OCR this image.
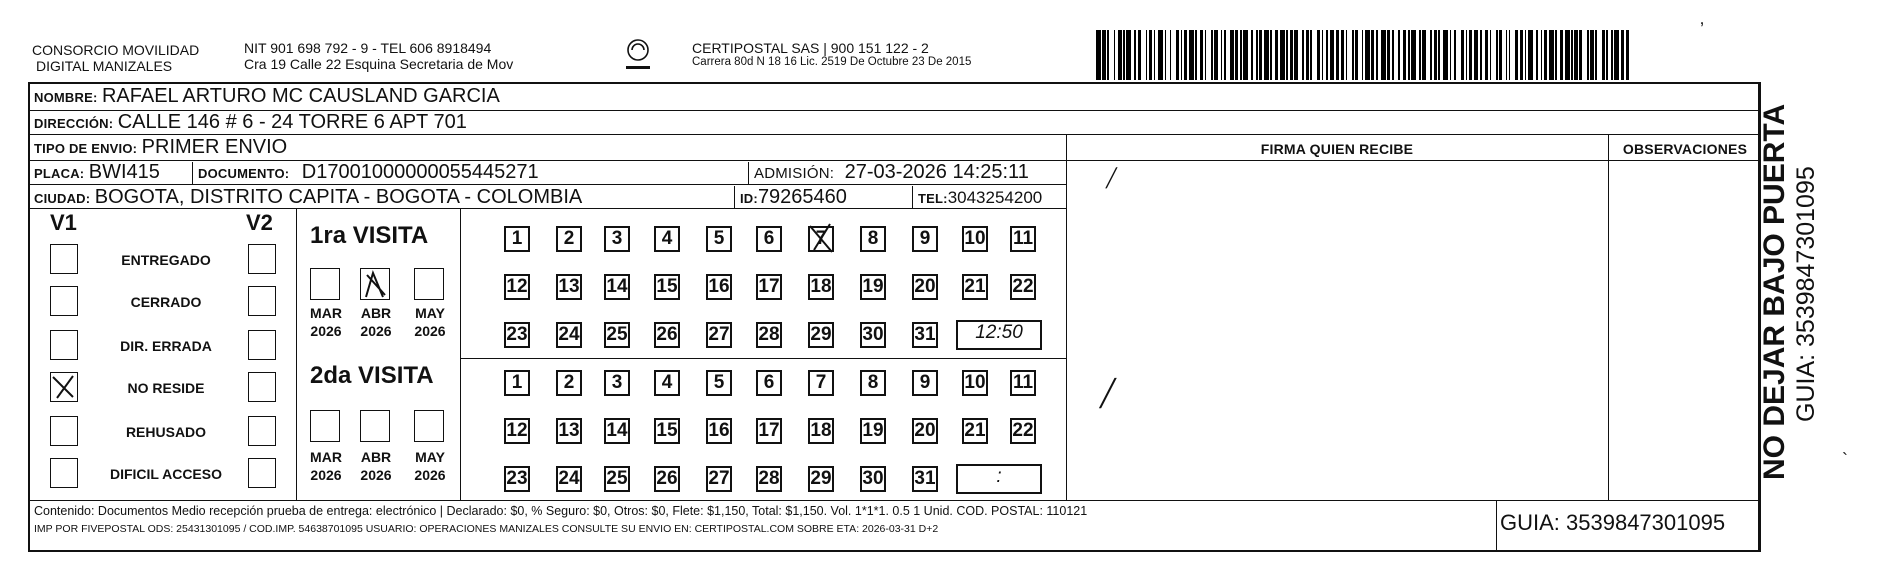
CONSORCIO MOVILIDAD
DIGITAL MANIZALES
NIT 901 698 792 - 9 - TEL 606 8918494
Cra 19 Calle 22 Esquina Secretaria de Mov
CERTIPOSTAL SAS | 900 151 122 - 2
Carrera 80d N 18 16 Lic. 2519 De Octubre 23 De 2015
NOMBRE: RAFAEL ARTURO MC CAUSLAND GARCIA
DIRECCIÓN: CALLE 146 # 6 - 24 TORRE 6 APT 701
TIPO DE ENVIO: PRIMER ENVIO
PLACA: BWI415	DOCUMENTO: D17001000000055445271	ADMISIÓN: 27-03-2026 14:25:11
CIUDAD: BOGOTA, DISTRITO CAPITA - BOGOTA - COLOMBIA	ID:79265460	TEL:3043254200
FIRMA QUIEN RECIBE	OBSERVACIONES
V1	V2 1ra VISITA
2da VISITA
Contenido: Documentos Medio recepción prueba de entrega: electrónico | Declarado: $0, % Seguro: $0, Otros: $0, Flete: $1,150, Total: $1,150. Vol. 1*1*1. 0.5 1 Unid. COD. POSTAL: 110121
IMP POR FIVEPOSTAL ODS: 25431301095 / COD.IMP. 54638701095 USUARIO: OPERACIONES MANIZALES CONSULTE SU ENVIO EN: CERTIPOSTAL.COM SOBRE ETA: 2026-03-31 D+2	GUIA: 3539847301095
NO DEJAR BAJO PUERTA GUIA: 3539847301095
‚
`
╱
╱
ENTREGADO
CERRADO
DIR. ERRADA
NO RESIDE
REHUSADO
DIFICIL ACCESO
MAR
2026
ABR
2026
MAY
2026
MAR
2026
ABR
2026
MAY
2026
1	2	3	4	5	6	7	8	9	10 11
12 13 14 15 16 17 18 19 20 21 22
23 24 25 26 27 28 29 30 31	12:50
1	2	3	4	5	6	7	8	9	10 11
12 13 14 15 16 17 18 19 20 21 22
23 24 25 26 27 28 29 30 31	:
